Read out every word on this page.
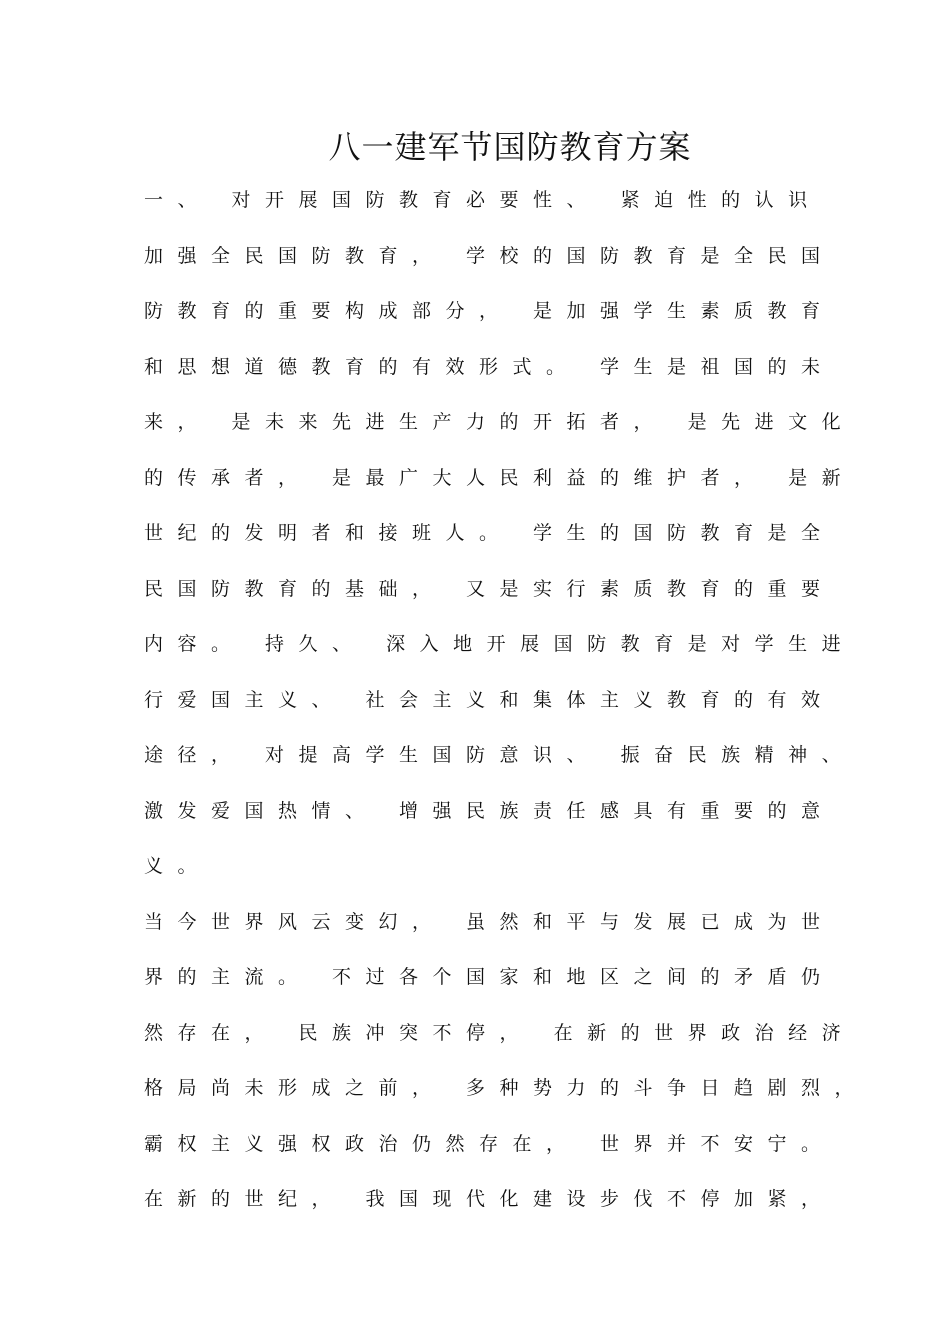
八一建军节国防教育方案
一、 对开展国防教育必要性、 紧迫性的认识
加强全民国防教育， 学校的国防教育是全民国
防教育的重要构成部分， 是加强学生素质教育
和思想道德教育的有效形式。 学生是祖国的未
来， 是未来先进生产力的开拓者， 是先进文化
的传承者， 是最广大人民利益的维护者， 是新
世纪的发明者和接班人。 学生的国防教育是全
民国防教育的基础， 又是实行素质教育的重要
内容。 持久、 深入地开展国防教育是对学生进
行爱国主义、 社会主义和集体主义教育的有效
途径， 对提高学生国防意识、 振奋民族精神、
激发爱国热情、 增强民族责任感具有重要的意
义。
当今世界风云变幻， 虽然和平与发展已成为世
界的主流。 不过各个国家和地区之间的矛盾仍
然存在， 民族冲突不停， 在新的世界政治经济
格局尚未形成之前， 多种势力的斗争日趋剧烈，
霸权主义强权政治仍然存在， 世界并不安宁。
在新的世纪， 我国现代化建设步伐不停加紧，
